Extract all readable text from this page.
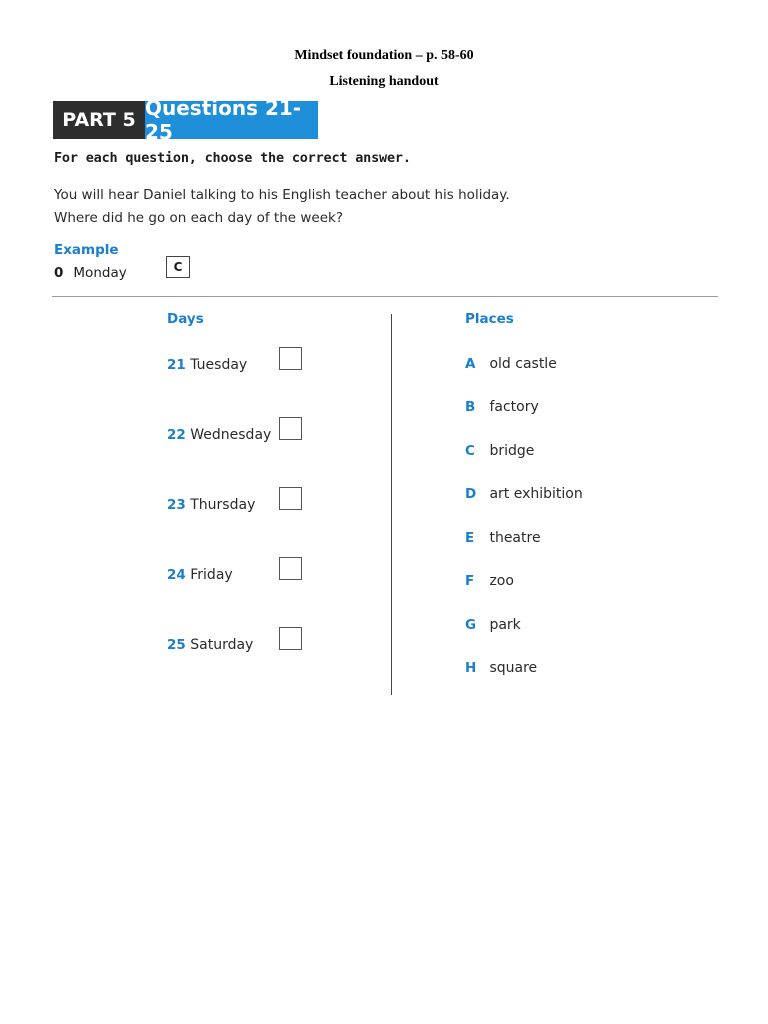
Mindset foundation – p. 58-60
Listening handout
PART 5 Questions 21-25
For each question, choose the correct answer.
You will hear Daniel talking to his English teacher about his holiday.
Where did he go on each day of the week?
Example
0 Monday	C
Days	Places
21 Tuesday
22 Wednesday
23 Thursday
24 Friday
25 Saturday
A old castle
B factory
C bridge
D art exhibition
E theatre
F zoo
G park
H square
